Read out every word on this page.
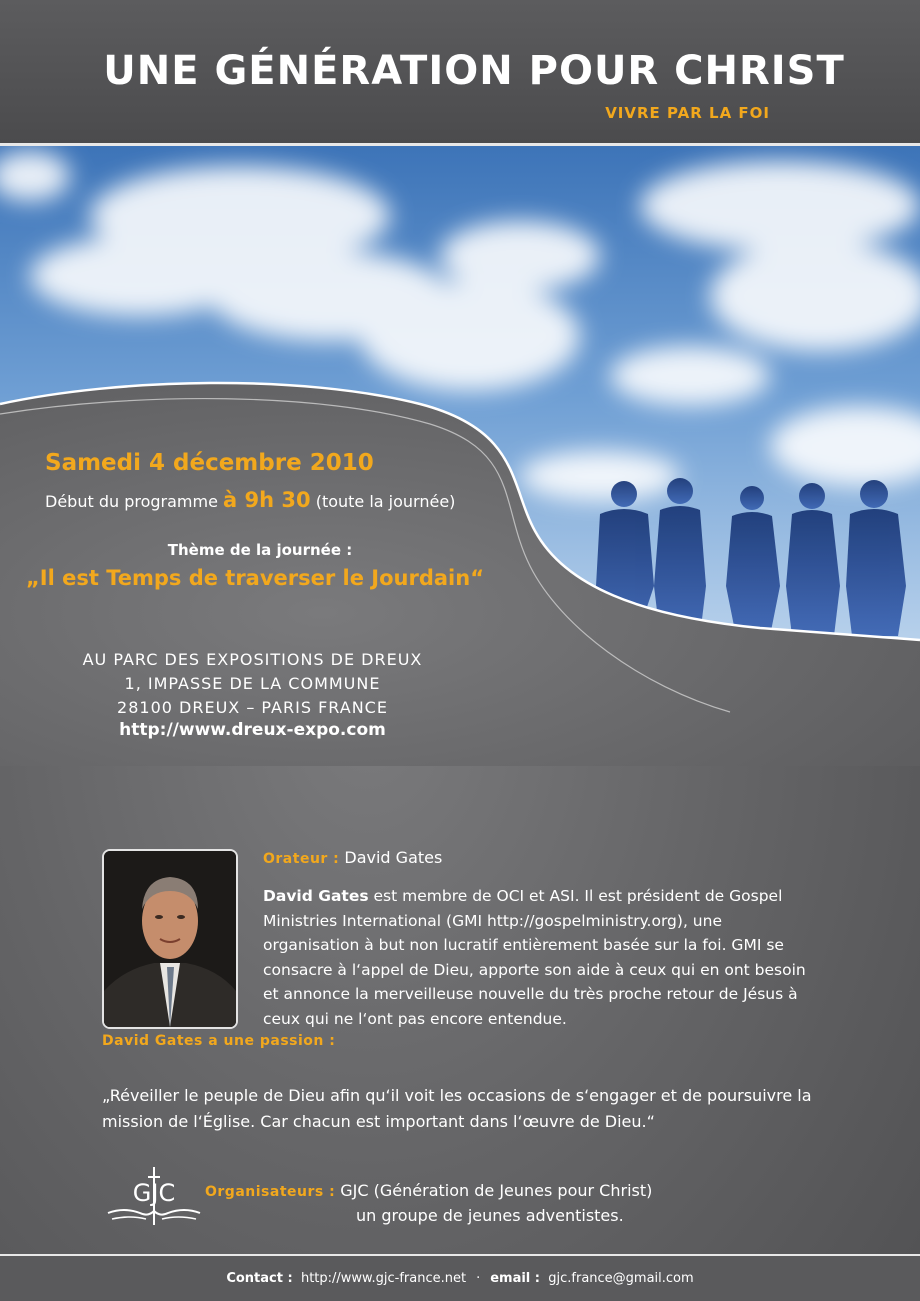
UNE GÉNÉRATION POUR CHRIST
VIVRE PAR LA FOI
Samedi 4 décembre 2010
Début du programme à 9h 30 (toute la journée)
Thème de la journée :
„Il est Temps de traverser le Jourdain“
AU PARC DES EXPOSITIONS DE DREUX
1, IMPASSE DE LA COMMUNE
28100 DREUX – PARIS FRANCE
http://www.dreux-expo.com
Orateur : David Gates
David Gates est membre de OCI et ASI. Il est président de Gospel Ministries International (GMI http://gospelministry.org), une organisation à but non lucratif entièrement basée sur la foi. GMI se consacre à l‘appel de Dieu, apporte son aide à ceux qui en ont besoin et annonce la merveilleuse nouvelle du très proche retour de Jésus à ceux qui ne l‘ont pas encore entendue.
David Gates a une passion :
„Réveiller le peuple de Dieu afin qu‘il voit les occasions de s‘engager et de poursuivre la mission de l‘Église. Car chacun est important dans l‘œuvre de Dieu.“
GJC Organisateurs : GJC (Génération de Jeunes pour Christ)
un groupe de jeunes adventistes.
Contact : http://www.gjc-france.net · email : gjc.france@gmail.com
